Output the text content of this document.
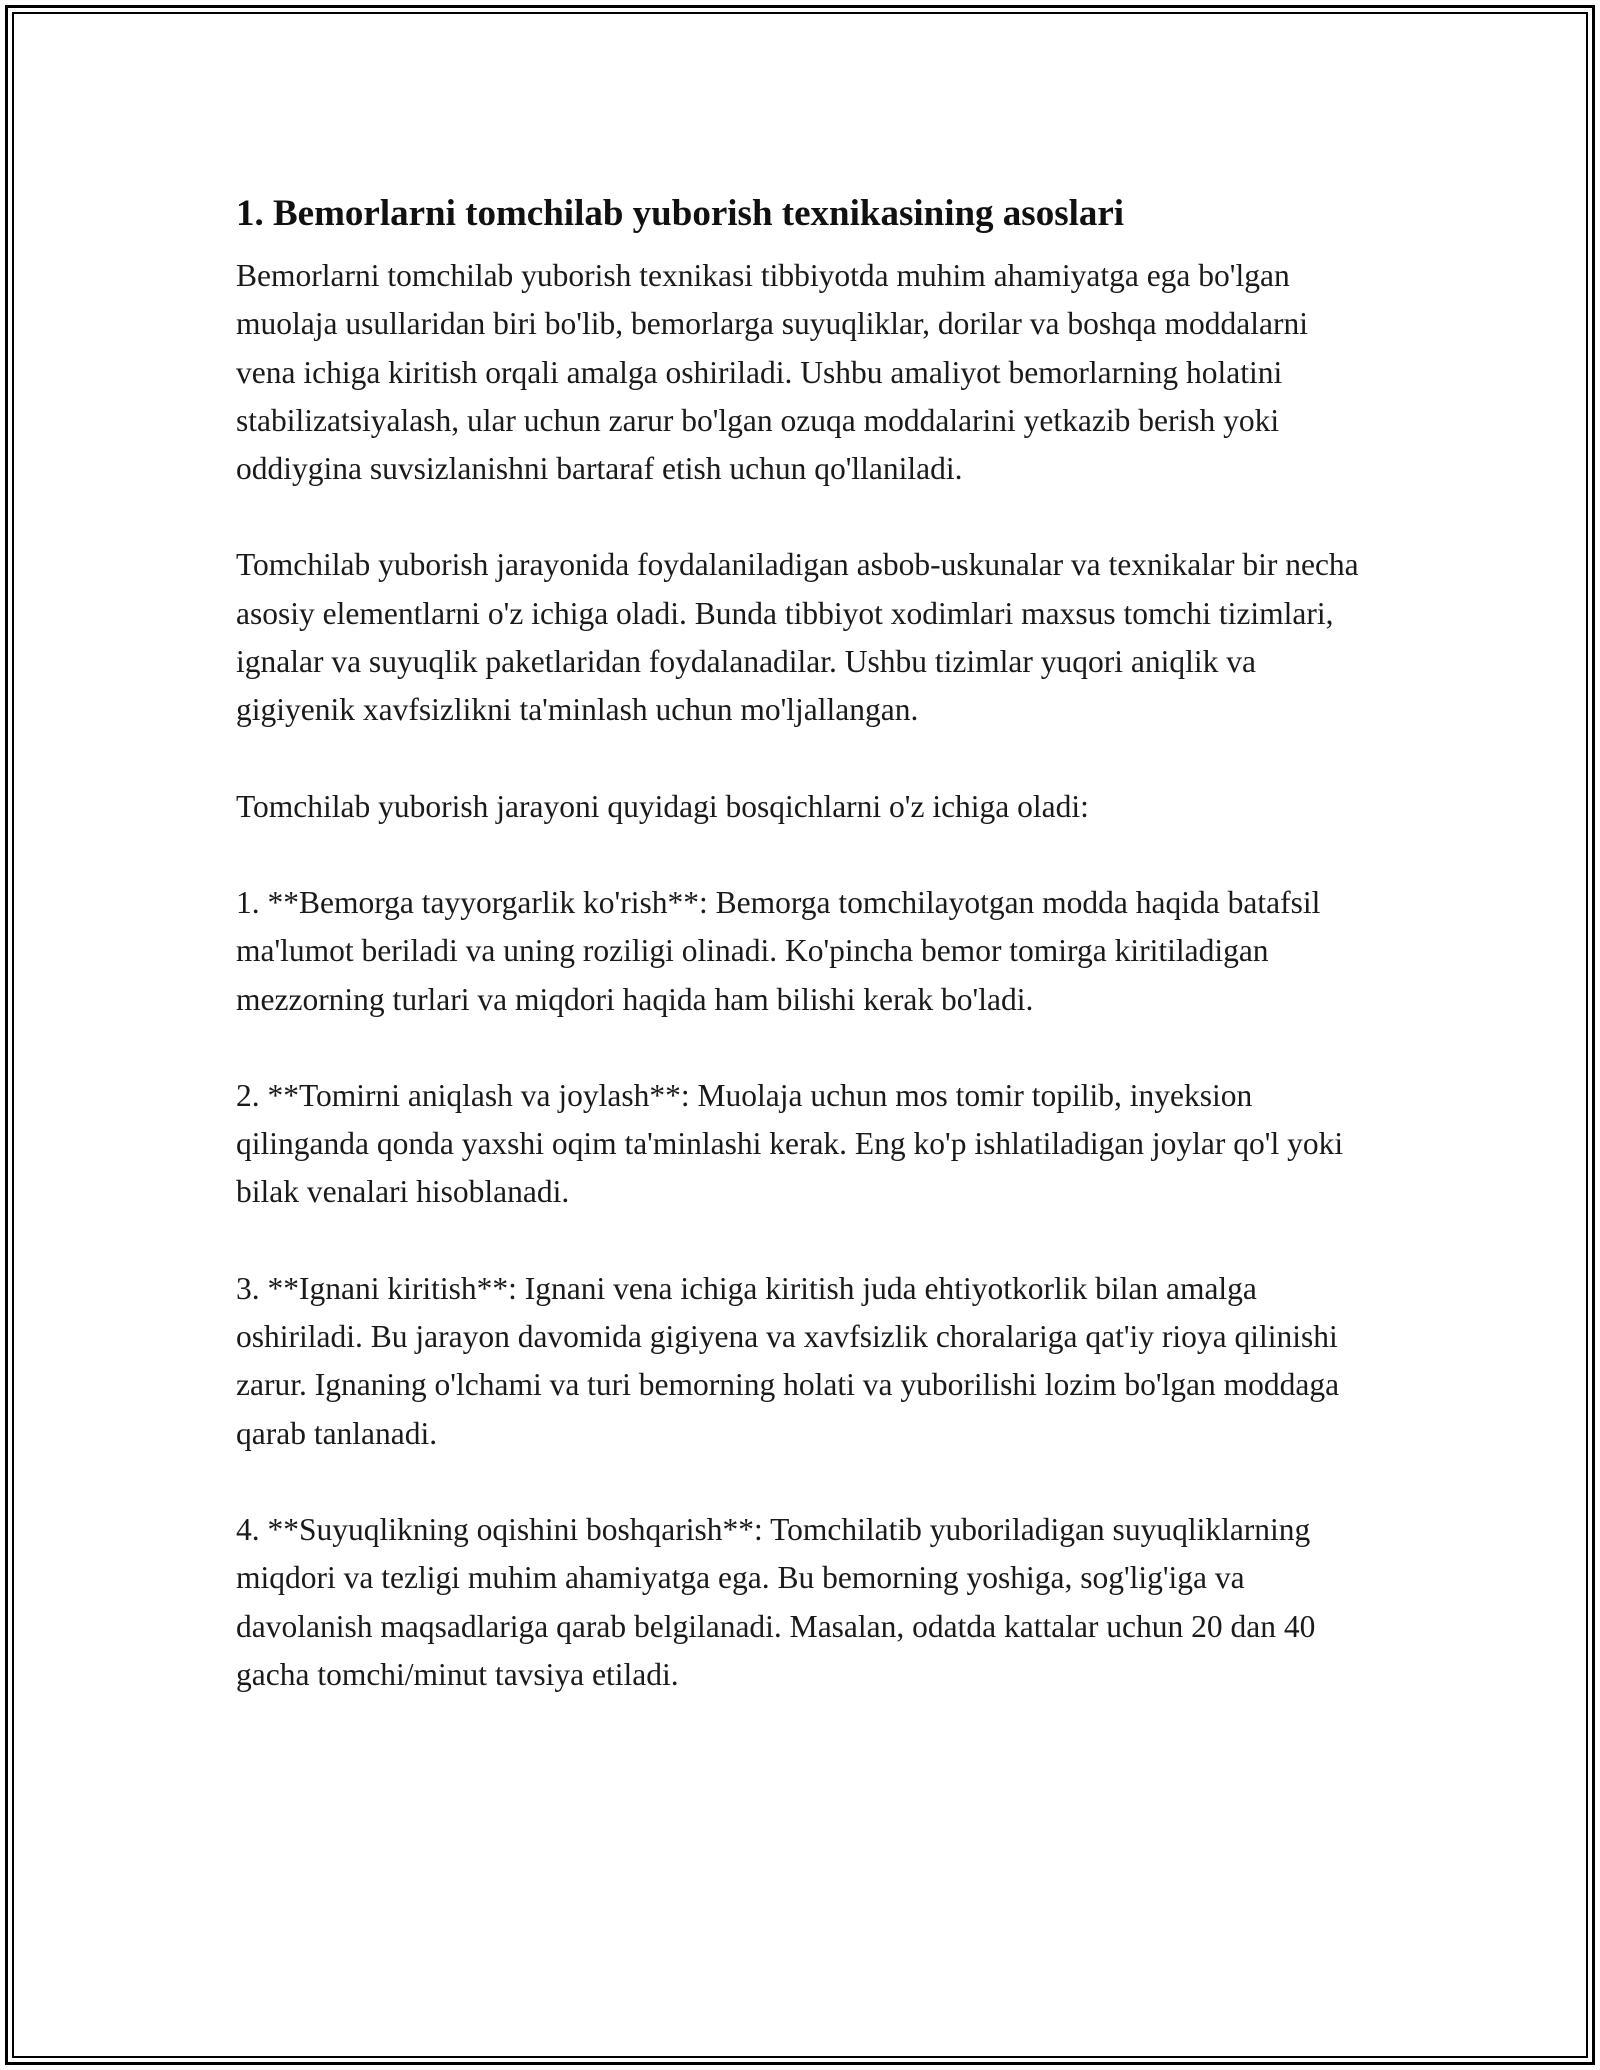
1. Bemorlarni tomchilab yuborish texnikasining asoslari

Bemorlarni tomchilab yuborish texnikasi tibbiyotda muhim ahamiyatga ega bo'lgan muolaja usullaridan biri bo'lib, bemorlarga suyuqliklar, dorilar va boshqa moddalarni vena ichiga kiritish orqali amalga oshiriladi. Ushbu amaliyot bemorlarning holatini stabilizatsiyalash, ular uchun zarur bo'lgan ozuqa moddalarini yetkazib berish yoki oddiygina suvsizlanishni bartaraf etish uchun qo'llaniladi.

Tomchilab yuborish jarayonida foydalaniladigan asbob-uskunalar va texnikalar bir necha asosiy elementlarni o'z ichiga oladi. Bunda tibbiyot xodimlari maxsus tomchi tizimlari, ignalar va suyuqlik paketlaridan foydalanadilar. Ushbu tizimlar yuqori aniqlik va gigiyenik xavfsizlikni ta'minlash uchun mo'ljallangan.

Tomchilab yuborish jarayoni quyidagi bosqichlarni o'z ichiga oladi:

1. **Bemorga tayyorgarlik ko'rish**: Bemorga tomchilayotgan modda haqida batafsil ma'lumot beriladi va uning roziligi olinadi. Ko'pincha bemor tomirga kiritiladigan mezzorning turlari va miqdori haqida ham bilishi kerak bo'ladi.

2. **Tomirni aniqlash va joylash**: Muolaja uchun mos tomir topilib, inyeksion qilinganda qonda yaxshi oqim ta'minlashi kerak. Eng ko'p ishlatiladigan joylar qo'l yoki bilak venalari hisoblanadi.

3. **Ignani kiritish**: Ignani vena ichiga kiritish juda ehtiyotkorlik bilan amalga oshiriladi. Bu jarayon davomida gigiyena va xavfsizlik choralariga qat'iy rioya qilinishi zarur. Ignaning o'lchami va turi bemorning holati va yuborilishi lozim bo'lgan moddaga qarab tanlanadi.

4. **Suyuqlikning oqishini boshqarish**: Tomchilatib yuboriladigan suyuqliklarning miqdori va tezligi muhim ahamiyatga ega. Bu bemorning yoshiga, sog'lig'iga va davolanish maqsadlariga qarab belgilanadi. Masalan, odatda kattalar uchun 20 dan 40 gacha tomchi/minut tavsiya etiladi.
